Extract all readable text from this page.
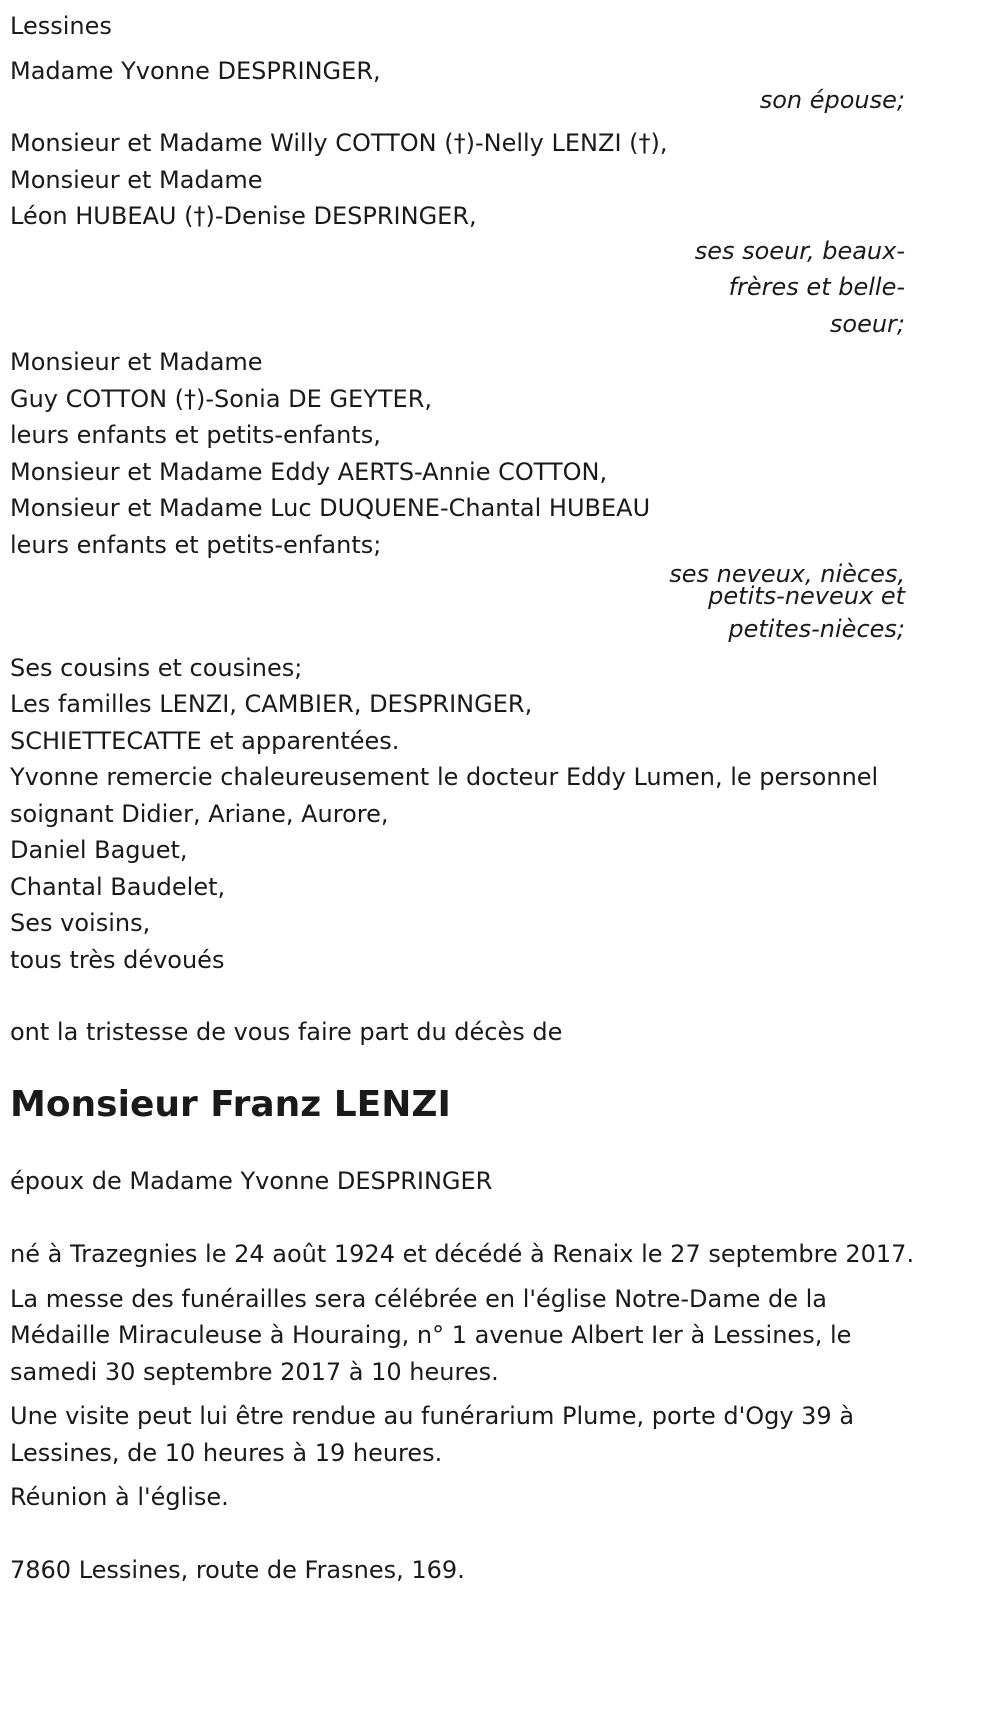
Lessines
Madame Yvonne DESPRINGER,
son épouse;
Monsieur et Madame Willy COTTON (†)-Nelly LENZI (†),
Monsieur et Madame
Léon HUBEAU (†)-Denise DESPRINGER,
ses soeur, beaux-
frères et belle-
soeur;
Monsieur et Madame
Guy COTTON (†)-Sonia DE GEYTER,
leurs enfants et petits-enfants,
Monsieur et Madame Eddy AERTS-Annie COTTON,
Monsieur et Madame Luc DUQUENE-Chantal HUBEAU
leurs enfants et petits-enfants;
ses neveux, nièces,
petits-neveux et
petites-nièces;
Ses cousins et cousines;
Les familles LENZI, CAMBIER, DESPRINGER,
SCHIETTECATTE et apparentées.
Yvonne remercie chaleureusement le docteur Eddy Lumen, le personnel
soignant Didier, Ariane, Aurore,
Daniel Baguet,
Chantal Baudelet,
Ses voisins,
tous très dévoués
ont la tristesse de vous faire part du décès de
Monsieur Franz LENZI
époux de Madame Yvonne DESPRINGER
né à Trazegnies le 24 août 1924 et décédé à Renaix le 27 septembre 2017.
La messe des funérailles sera célébrée en l'église Notre-Dame de la
Médaille Miraculeuse à Houraing, n° 1 avenue Albert Ier à Lessines, le
samedi 30 septembre 2017 à 10 heures.
Une visite peut lui être rendue au funérarium Plume, porte d'Ogy 39 à
Lessines, de 10 heures à 19 heures.
Réunion à l'église.
7860 Lessines, route de Frasnes, 169.
